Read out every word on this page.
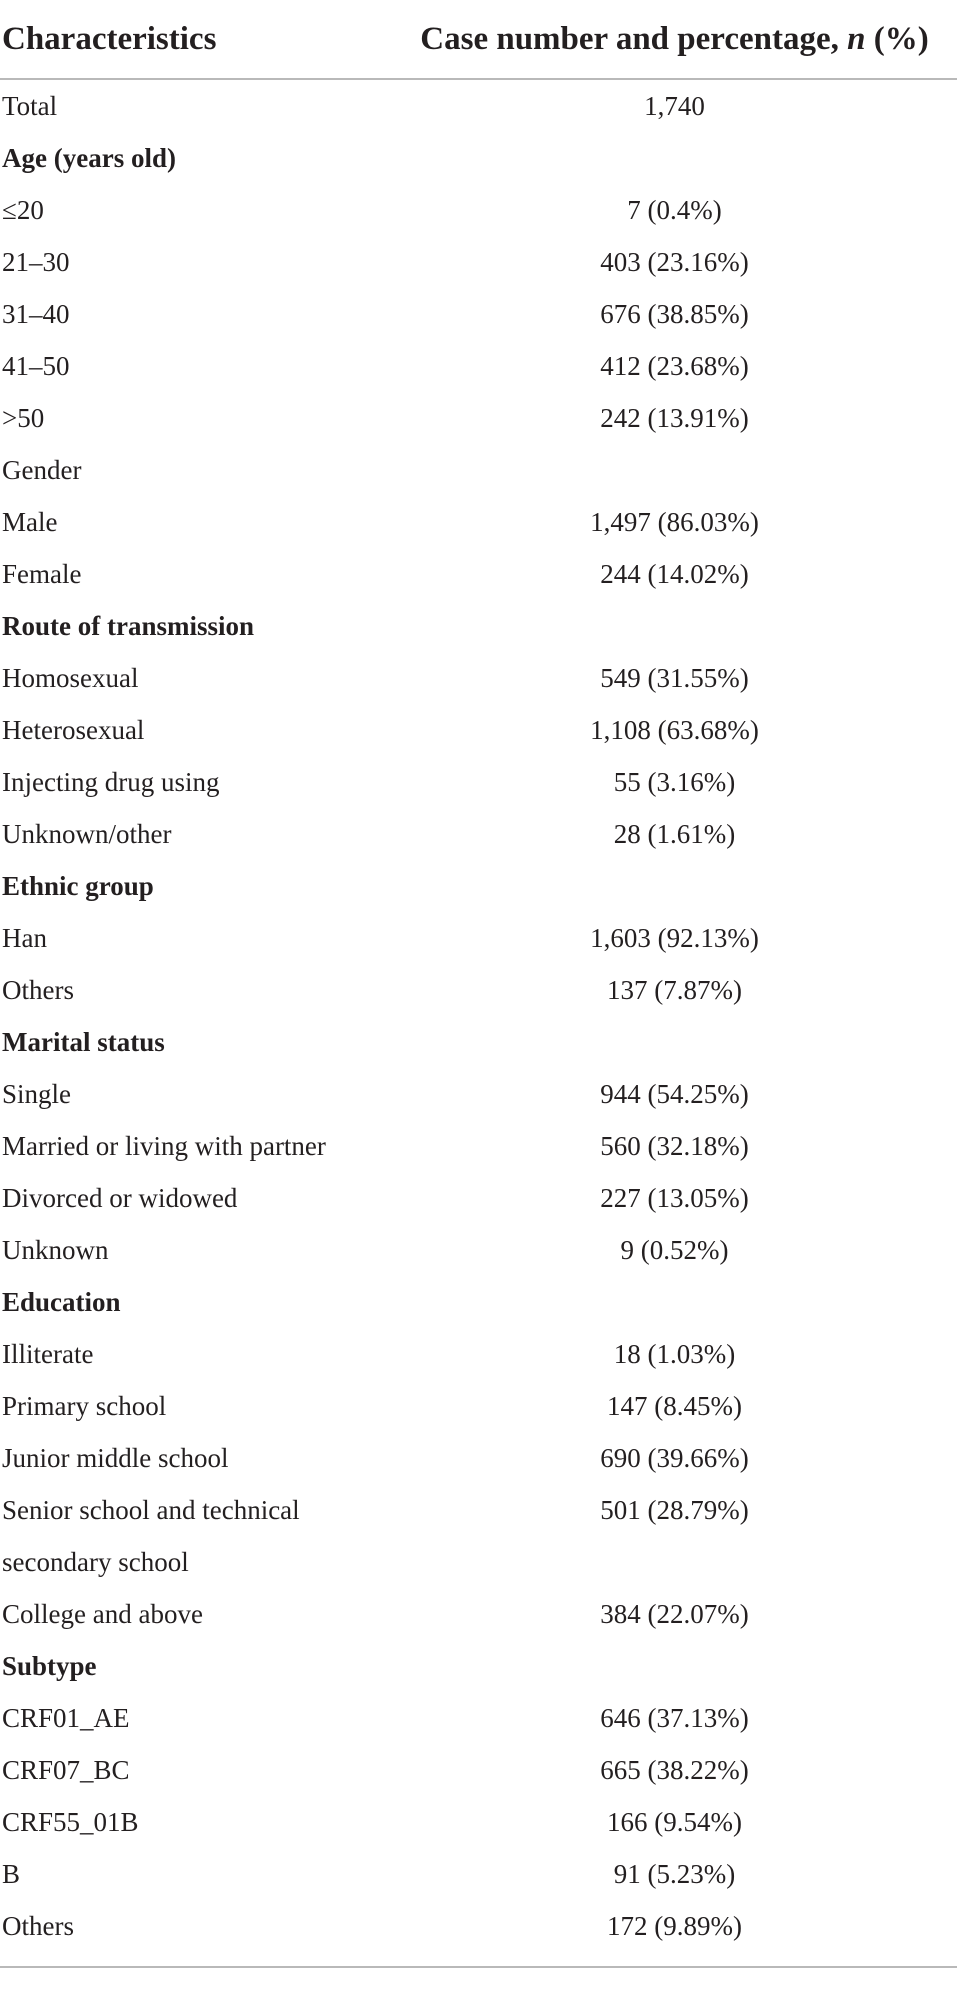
Characteristics	Case number and percentage, n (%)
Total	1,740
Age (years old)
≤20	7 (0.4%)
21–30	403 (23.16%)
31–40	676 (38.85%)
41–50	412 (23.68%)
>50	242 (13.91%)
Gender
Male	1,497 (86.03%)
Female	244 (14.02%)
Route of transmission
Homosexual	549 (31.55%)
Heterosexual	1,108 (63.68%)
Injecting drug using	55 (3.16%)
Unknown/other	28 (1.61%)
Ethnic group
Han	1,603 (92.13%)
Others	137 (7.87%)
Marital status
Single	944 (54.25%)
Married or living with partner	560 (32.18%)
Divorced or widowed	227 (13.05%)
Unknown	9 (0.52%)
Education
Illiterate	18 (1.03%)
Primary school	147 (8.45%)
Junior middle school	690 (39.66%)
Senior school and technical	501 (28.79%)
secondary school
College and above	384 (22.07%)
Subtype
CRF01_AE	646 (37.13%)
CRF07_BC	665 (38.22%)
CRF55_01B	166 (9.54%)
B	91 (5.23%)
Others	172 (9.89%)
